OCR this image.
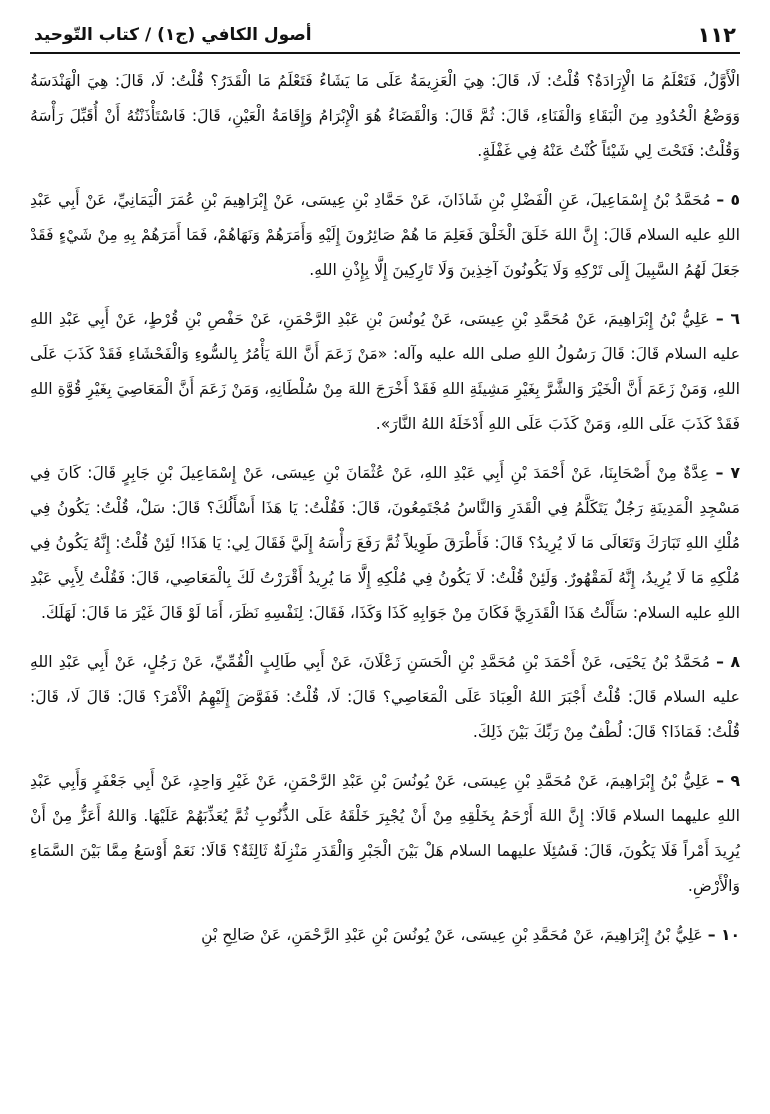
١١٢
أصول الكافي (ج١) / كتاب التّوحيد

الْأَوَّلُ، فَتَعْلَمُ مَا الْإِرَادَةُ؟ قُلْتُ: لَا، قَالَ: هِيَ الْعَزِيمَةُ عَلَى مَا يَشَاءُ فَتَعْلَمُ مَا الْقَدَرُ؟ قُلْتُ: لَا، قَالَ: هِيَ الْهَنْدَسَةُ وَوَضْعُ الْحُدُودِ مِنَ الْبَقَاءِ وَالْفَنَاءِ، قَالَ: ثُمَّ قَالَ: وَالْقَضَاءُ هُوَ الْإِبْرَامُ وَإِقَامَةُ الْعَيْنِ، قَالَ: فَاسْتَأْذَنْتُهُ أَنْ أُقَبِّلَ رَأْسَهُ وَقُلْتُ: فَتَحْتَ لِي شَيْئاً كُنْتُ عَنْهُ فِي غَفْلَةٍ.

٥ – مُحَمَّدُ بْنُ إِسْمَاعِيلَ، عَنِ الْفَضْلِ بْنِ شَاذَانَ، عَنْ حَمَّادِ بْنِ عِيسَى، عَنْ إِبْرَاهِيمَ بْنِ عُمَرَ الْيَمَانِيِّ، عَنْ أَبِي عَبْدِ اللهِ عليه السلام قَالَ: إِنَّ اللهَ خَلَقَ الْخَلْقَ فَعَلِمَ مَا هُمْ صَائِرُونَ إِلَيْهِ وَأَمَرَهُمْ وَنَهَاهُمْ، فَمَا أَمَرَهُمْ بِهِ مِنْ شَيْءٍ فَقَدْ جَعَلَ لَهُمُ السَّبِيلَ إِلَى تَرْكِهِ وَلَا يَكُونُونَ آخِذِينَ وَلَا تَارِكِينَ إِلَّا بِإِذْنِ اللهِ.

٦ – عَلِيُّ بْنُ إِبْرَاهِيمَ، عَنْ مُحَمَّدِ بْنِ عِيسَى، عَنْ يُونُسَ بْنِ عَبْدِ الرَّحْمَنِ، عَنْ حَفْصِ بْنِ قُرْطٍ، عَنْ أَبِي عَبْدِ اللهِ عليه السلام قَالَ: قَالَ رَسُولُ اللهِ صلى الله عليه وآله: «مَنْ زَعَمَ أَنَّ اللهَ يَأْمُرُ بِالسُّوءِ وَالْفَحْشَاءِ فَقَدْ كَذَبَ عَلَى اللهِ، وَمَنْ زَعَمَ أَنَّ الْخَيْرَ وَالشَّرَّ بِغَيْرِ مَشِيئَةِ اللهِ فَقَدْ أَخْرَجَ اللهَ مِنْ سُلْطَانِهِ، وَمَنْ زَعَمَ أَنَّ الْمَعَاصِيَ بِغَيْرِ قُوَّةِ اللهِ فَقَدْ كَذَبَ عَلَى اللهِ، وَمَنْ كَذَبَ عَلَى اللهِ أَدْخَلَهُ اللهُ النَّارَ».

٧ – عِدَّةٌ مِنْ أَصْحَابِنَا، عَنْ أَحْمَدَ بْنِ أَبِي عَبْدِ اللهِ، عَنْ عُثْمَانَ بْنِ عِيسَى، عَنْ إِسْمَاعِيلَ بْنِ جَابِرٍ قَالَ: كَانَ فِي مَسْجِدِ الْمَدِينَةِ رَجُلٌ يَتَكَلَّمُ فِي الْقَدَرِ وَالنَّاسُ مُجْتَمِعُونَ، قَالَ: فَقُلْتُ: يَا هَذَا أَسْأَلُكَ؟ قَالَ: سَلْ، قُلْتُ: يَكُونُ فِي مُلْكِ اللهِ تَبَارَكَ وَتَعَالَى مَا لَا يُرِيدُ؟ قَالَ: فَأَطْرَقَ طَوِيلاً ثُمَّ رَفَعَ رَأْسَهُ إِلَيَّ فَقَالَ لِي: يَا هَذَا! لَئِنْ قُلْتُ: إِنَّهُ يَكُونُ فِي مُلْكِهِ مَا لَا يُرِيدُ، إِنَّهُ لَمَقْهُورٌ. وَلَئِنْ قُلْتُ: لَا يَكُونُ فِي مُلْكِهِ إِلَّا مَا يُرِيدُ أَقْرَرْتُ لَكَ بِالْمَعَاصِي، قَالَ: فَقُلْتُ لِأَبِي عَبْدِ اللهِ عليه السلام: سَأَلْتُ هَذَا الْقَدَرِيَّ فَكَانَ مِنْ جَوَابِهِ كَذَا وَكَذَا، فَقَالَ: لِنَفْسِهِ نَظَرَ، أَمَا لَوْ قَالَ غَيْرَ مَا قَالَ: لَهَلَكَ.

٨ – مُحَمَّدُ بْنُ يَحْيَى، عَنْ أَحْمَدَ بْنِ مُحَمَّدِ بْنِ الْحَسَنِ زَعْلَانَ، عَنْ أَبِي طَالِبٍ الْقُمِّيِّ، عَنْ رَجُلٍ، عَنْ أَبِي عَبْدِ اللهِ عليه السلام قَالَ: قُلْتُ أَجْبَرَ اللهُ الْعِبَادَ عَلَى الْمَعَاصِي؟ قَالَ: لَا، قُلْتُ: فَفَوَّضَ إِلَيْهِمُ الْأَمْرَ؟ قَالَ: قَالَ لَا، قَالَ: قُلْتُ: فَمَاذَا؟ قَالَ: لُطْفٌ مِنْ رَبِّكَ بَيْنَ ذَلِكَ.

٩ – عَلِيُّ بْنُ إِبْرَاهِيمَ، عَنْ مُحَمَّدِ بْنِ عِيسَى، عَنْ يُونُسَ بْنِ عَبْدِ الرَّحْمَنِ، عَنْ غَيْرِ وَاحِدٍ، عَنْ أَبِي جَعْفَرٍ وَأَبِي عَبْدِ اللهِ عليهما السلام قَالَا: إِنَّ اللهَ أَرْحَمُ بِخَلْقِهِ مِنْ أَنْ يُجْبِرَ خَلْقَهُ عَلَى الذُّنُوبِ ثُمَّ يُعَذِّبَهُمْ عَلَيْهَا. وَاللهُ أَعَزُّ مِنْ أَنْ يُرِيدَ أَمْراً فَلَا يَكُونَ، قَالَ: فَسُئِلَا عليهما السلام هَلْ بَيْنَ الْجَبْرِ وَالْقَدَرِ مَنْزِلَةٌ ثَالِثَةٌ؟ قَالَا: نَعَمْ أَوْسَعُ مِمَّا بَيْنَ السَّمَاءِ وَالْأَرْضِ.

١٠ – عَلِيُّ بْنُ إِبْرَاهِيمَ، عَنْ مُحَمَّدِ بْنِ عِيسَى، عَنْ يُونُسَ بْنِ عَبْدِ الرَّحْمَنِ، عَنْ صَالِحِ بْنِ
